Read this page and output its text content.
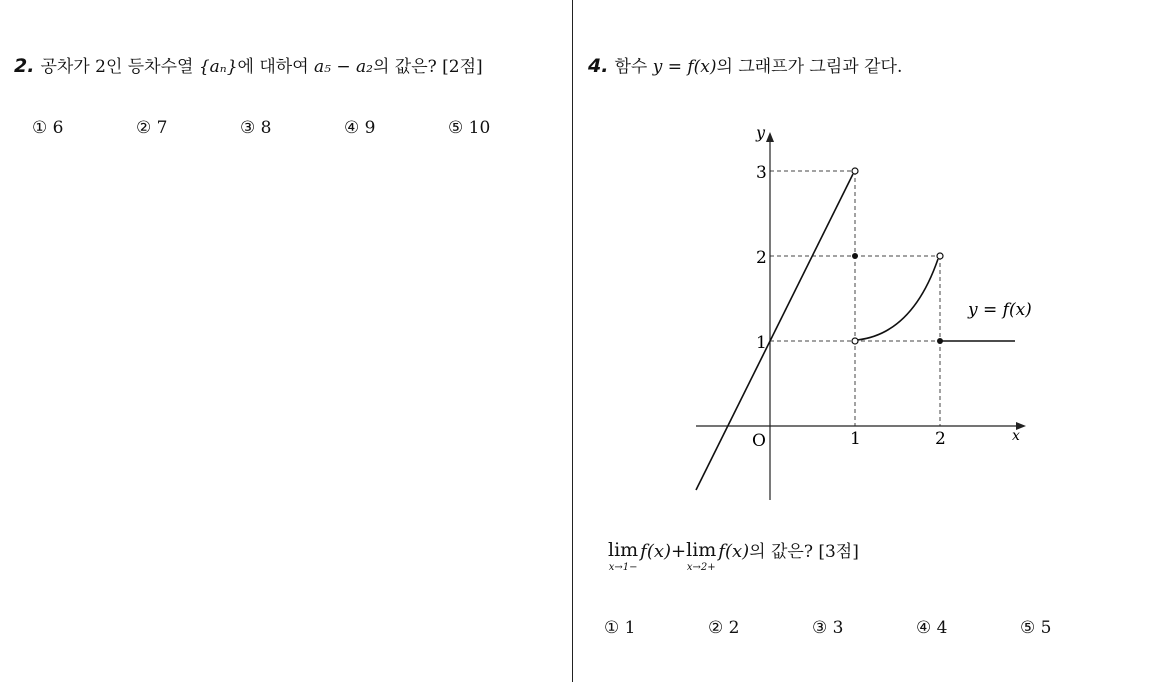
2. 공차가 2인 등차수열 {aₙ}에 대하여 a₅ − a₂의 값은? [2점]
① 6	② 7	③ 8	④ 9	⑤ 10
4. 함수 y = f(x)의 그래프가 그림과 같다.
y
x
O	1	2
1
2
3
y = f(x)
lim
x→1−
f(x)+ lim
x→2+
f(x)의 값은? [3점]
① 1	② 2	③ 3	④ 4	⑤ 5
